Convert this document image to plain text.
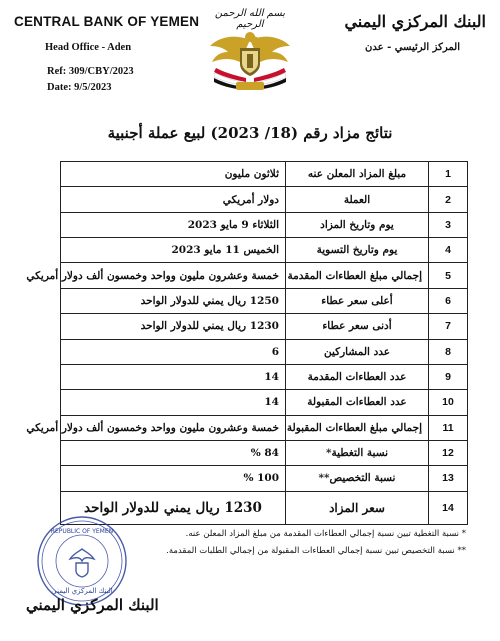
CENTRAL BANK OF YEMEN
Head Office - Aden
Ref: 309/CBY/2023
Date: 9/5/2023
البنك المركزي اليمني
المركز الرئيسي - عدن
بسم الله الرحمن الرحيم
نتائج مزاد رقم (18/ 2023) لبيع عملة أجنبية
1	مبلغ المزاد المعلن عنه	ثلاثون مليون
2	العملة	دولار أمريكي
3	يوم وتاريخ المزاد	الثلاثاء 9 مايو 2023
4	يوم وتاريخ التسوية	الخميس 11 مايو 2023
5	إجمالي مبلغ العطاءات المقدمة	خمسة وعشرون مليون وواحد وخمسون ألف دولار أمريكي
6	أعلى سعر عطاء	1250 ريال يمني للدولار الواحد
7	أدنى سعر عطاء	1230 ريال يمني للدولار الواحد
8	عدد المشاركين	6
9	عدد العطاءات المقدمة	14
10	عدد العطاءات المقبولة	14
11	إجمالي مبلغ العطاءات المقبولة	خمسة وعشرون مليون وواحد وخمسون ألف دولار أمريكي
12	نسبة التغطية*	84 %
13	نسبة التخصيص**	100 %
14	سعر المزاد	1230 ريال يمني للدولار الواحد
* نسبة التغطية تبين نسبة إجمالي العطاءات المقدمة من مبلغ المزاد المعلن عنه.
** نسبة التخصيص تبين نسبة إجمالي العطاءات المقبولة من إجمالي الطلبات المقدمة.
REPUBLIC OF YEMEN
البنك المركزي اليمني
البنك المركزي اليمني
